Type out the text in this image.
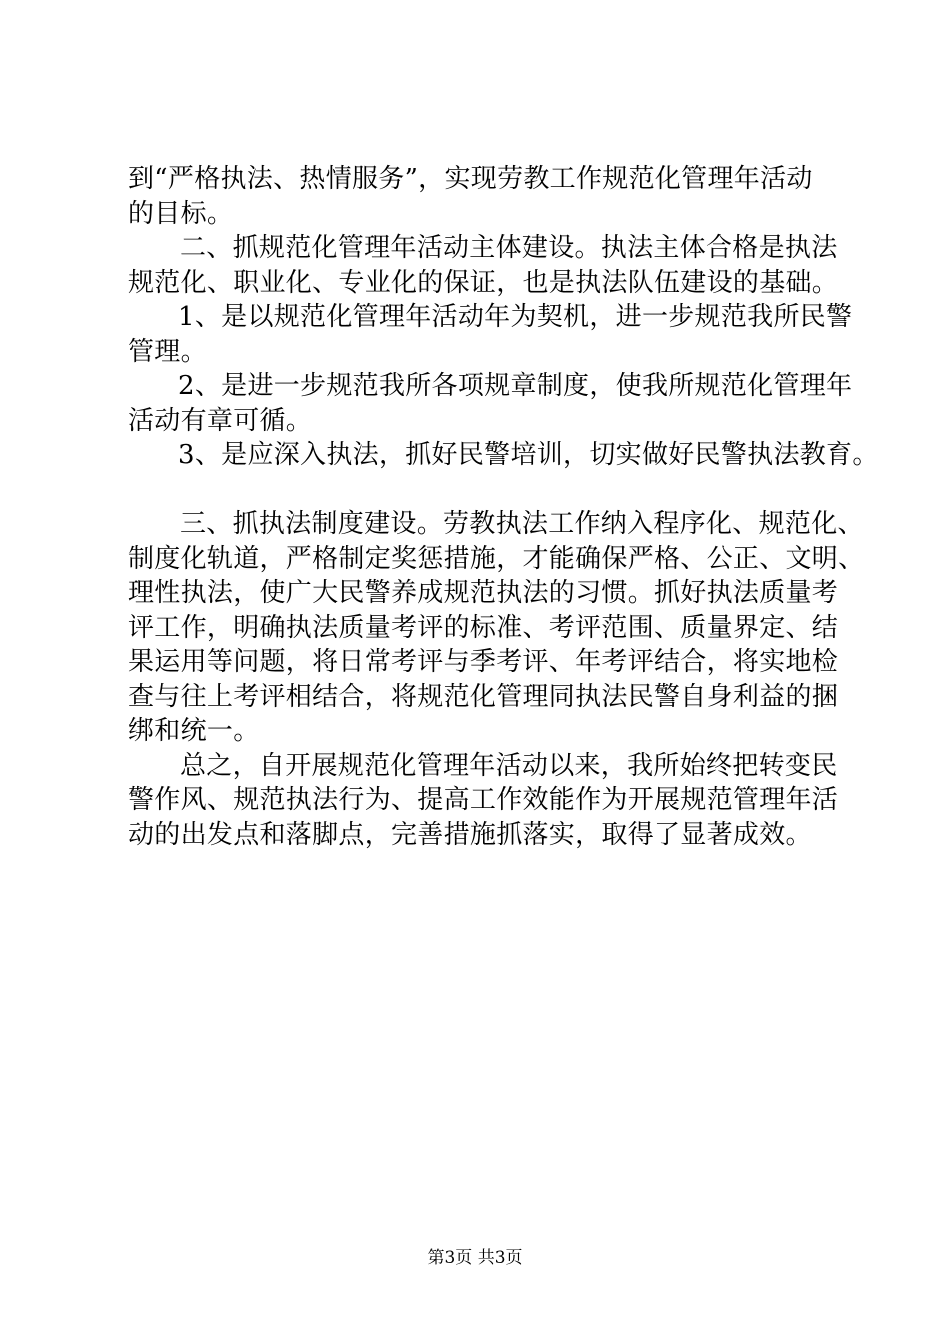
到“严格执法、热情服务”，实现劳教工作规范化管理年活动
的目标。
二、抓规范化管理年活动主体建设。执法主体合格是执法
规范化、职业化、专业化的保证，也是执法队伍建设的基础。
1、是以规范化管理年活动年为契机，进一步规范我所民警
管理。
2、是进一步规范我所各项规章制度，使我所规范化管理年
活动有章可循。
3、是应深入执法，抓好民警培训，切实做好民警执法教育。
三、抓执法制度建设。劳教执法工作纳入程序化、规范化、
制度化轨道，严格制定奖惩措施，才能确保严格、公正、文明、
理性执法，使广大民警养成规范执法的习惯。抓好执法质量考
评工作，明确执法质量考评的标准、考评范围、质量界定、结
果运用等问题，将日常考评与季考评、年考评结合，将实地检
查与往上考评相结合，将规范化管理同执法民警自身利益的捆
绑和统一。
总之，自开展规范化管理年活动以来，我所始终把转变民
警作风、规范执法行为、提高工作效能作为开展规范管理年活
动的出发点和落脚点，完善措施抓落实，取得了显著成效。
第3页 共3页
